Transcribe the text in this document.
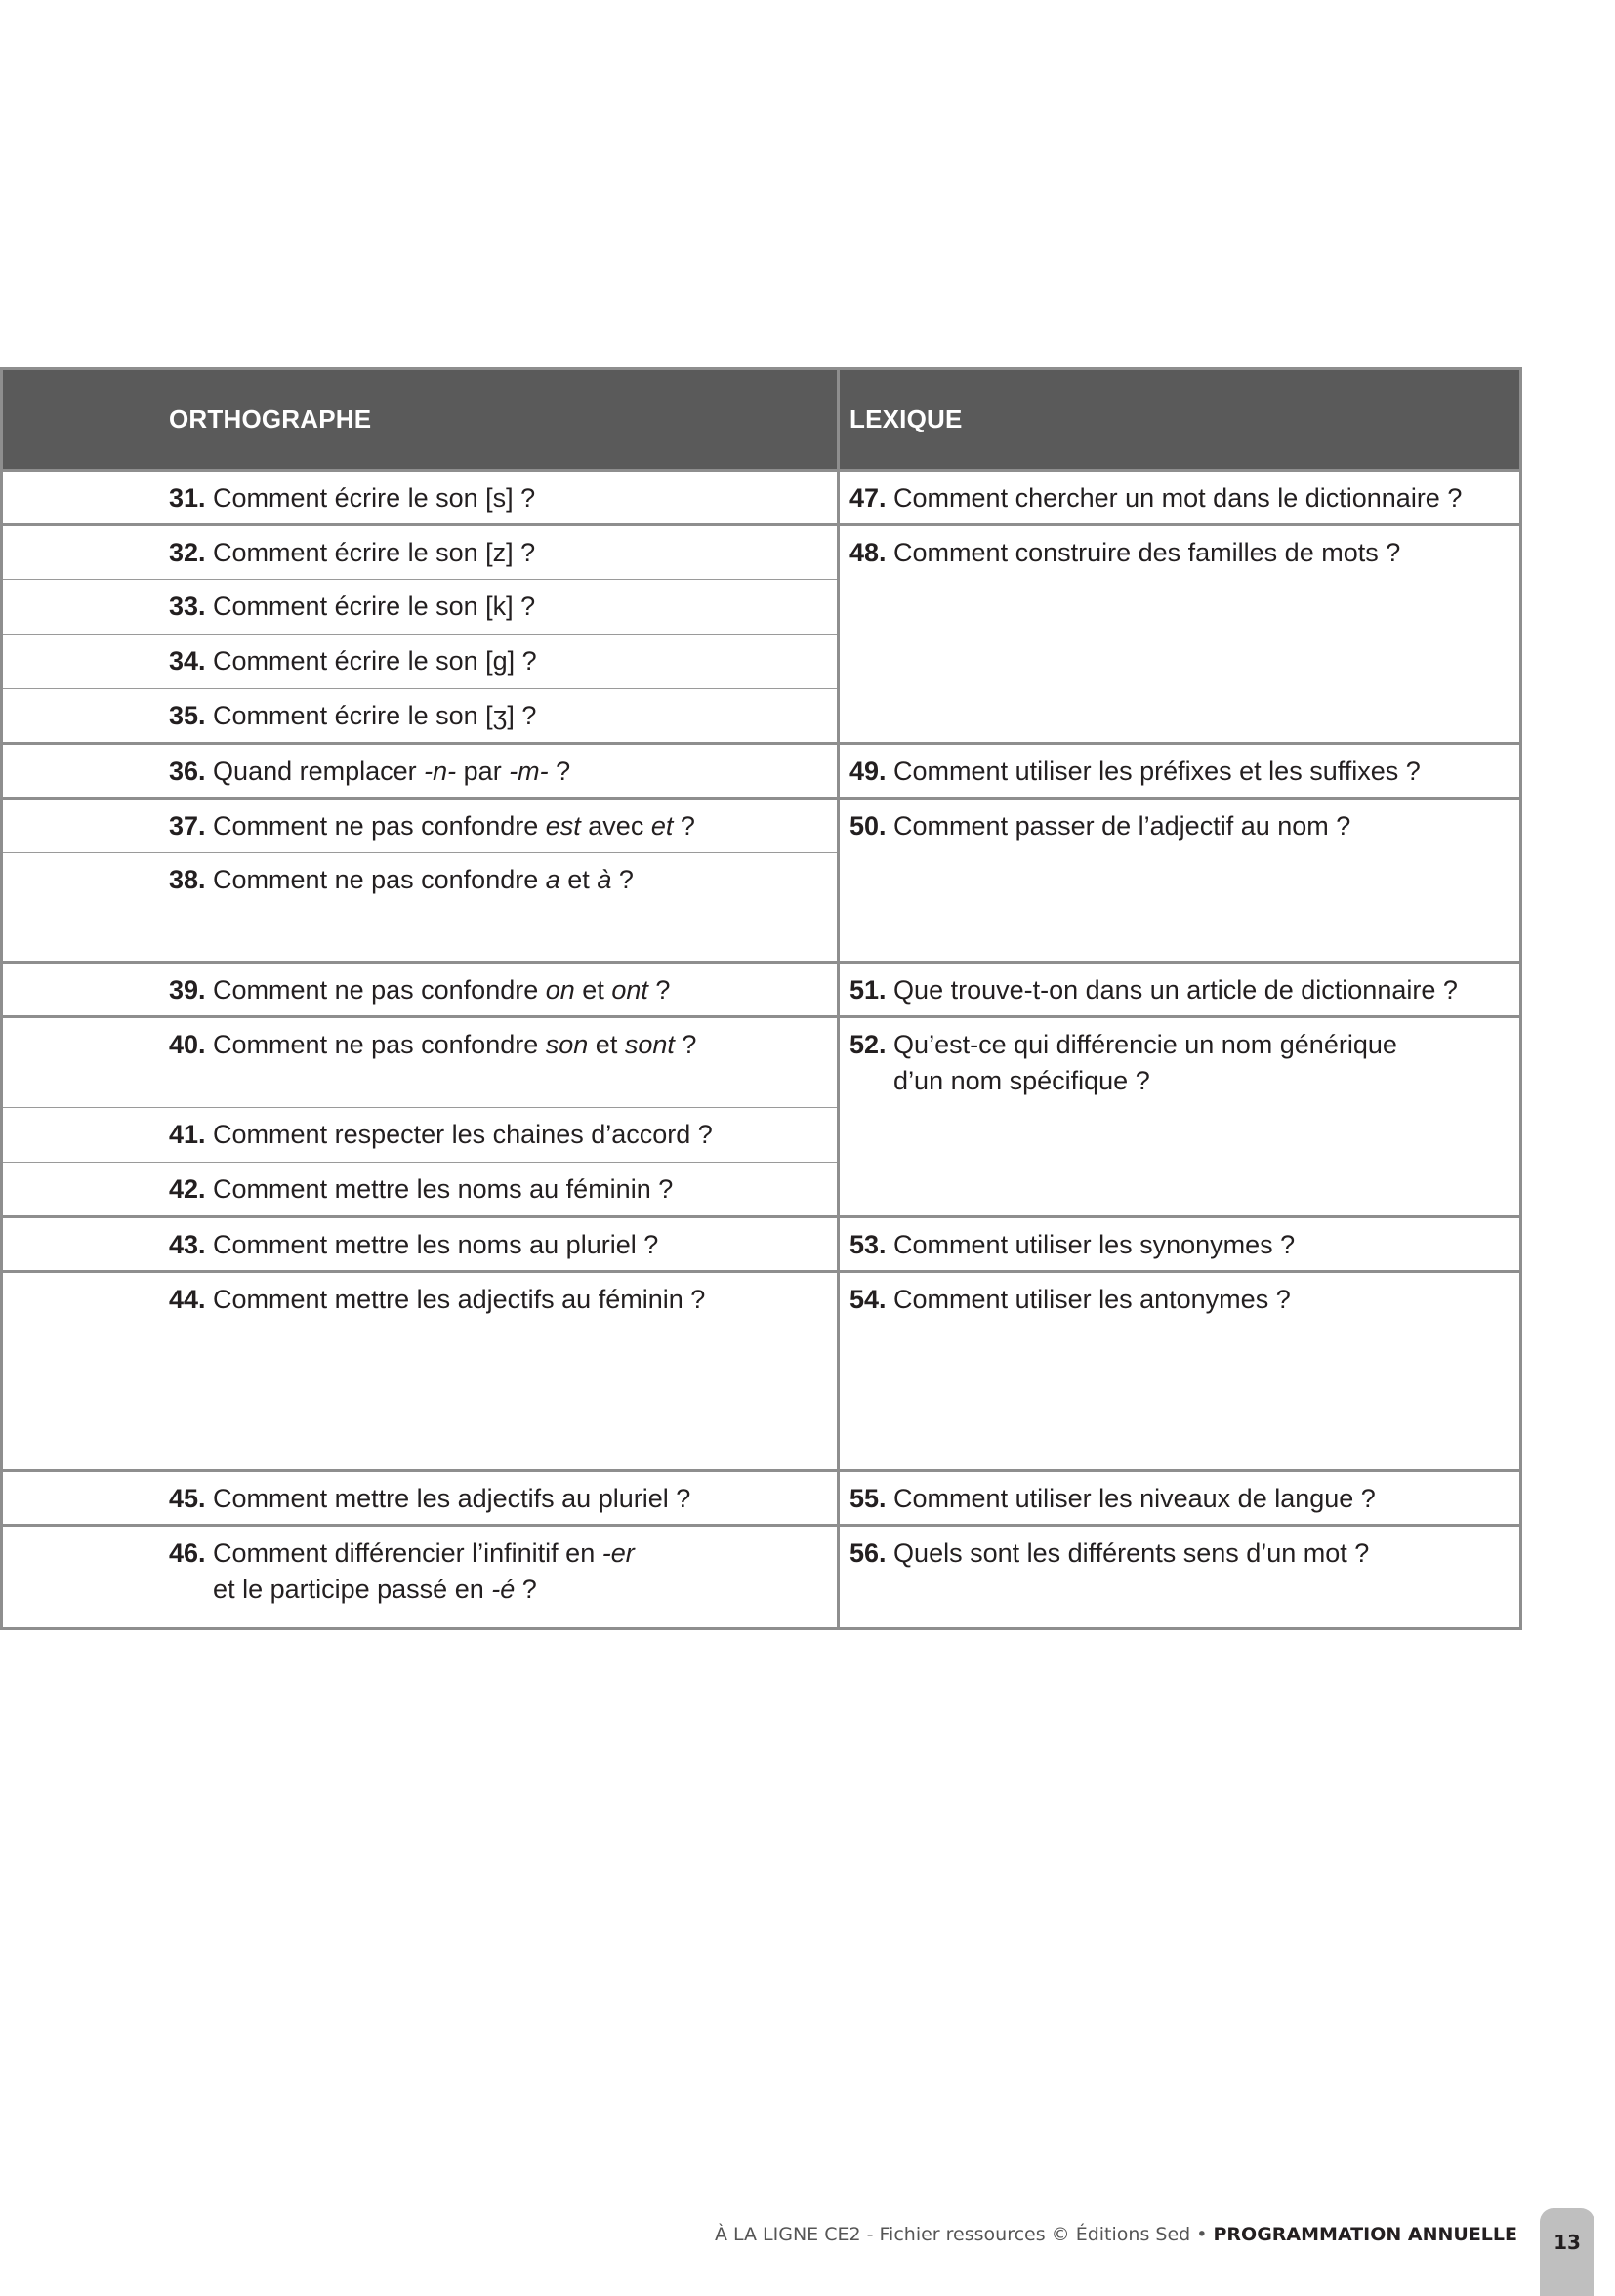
ORTHOGRAPHE	LEXIQUE

31. Comment écrire le son [s] ?	47. Comment chercher un mot dans le dictionnaire ?

32. Comment écrire le son [z] ?	48. Comment construire des familles de mots ?

33. Comment écrire le son [k] ?	

34. Comment écrire le son [g] ?	

35. Comment écrire le son [ʒ] ?	

36. Quand remplacer -n- par -m- ?	49. Comment utiliser les préfixes et les suffixes ?

37. Comment ne pas confondre est avec et ?	50. Comment passer de l’adjectif au nom ?

38. Comment ne pas confondre a et à ?	

39. Comment ne pas confondre on et ont ?	51. Que trouve-t-on dans un article de dictionnaire ?

40. Comment ne pas confondre son et sont ?	52. Qu’est-ce qui différencie un nom générique
d’un nom spécifique ?

41. Comment respecter les chaines d’accord ?	

42. Comment mettre les noms au féminin ?	

43. Comment mettre les noms au pluriel ?	53. Comment utiliser les synonymes ?

44. Comment mettre les adjectifs au féminin ?	54. Comment utiliser les antonymes ?

45. Comment mettre les adjectifs au pluriel ?	55. Comment utiliser les niveaux de langue ?

46. Comment différencier l’infinitif en -er
et le participe passé en -é ?	56. Quels sont les différents sens d’un mot ?
À LA LIGNE CE2 - Fichier ressources © Éditions Sed • PROGRAMMATION ANNUELLE	13
